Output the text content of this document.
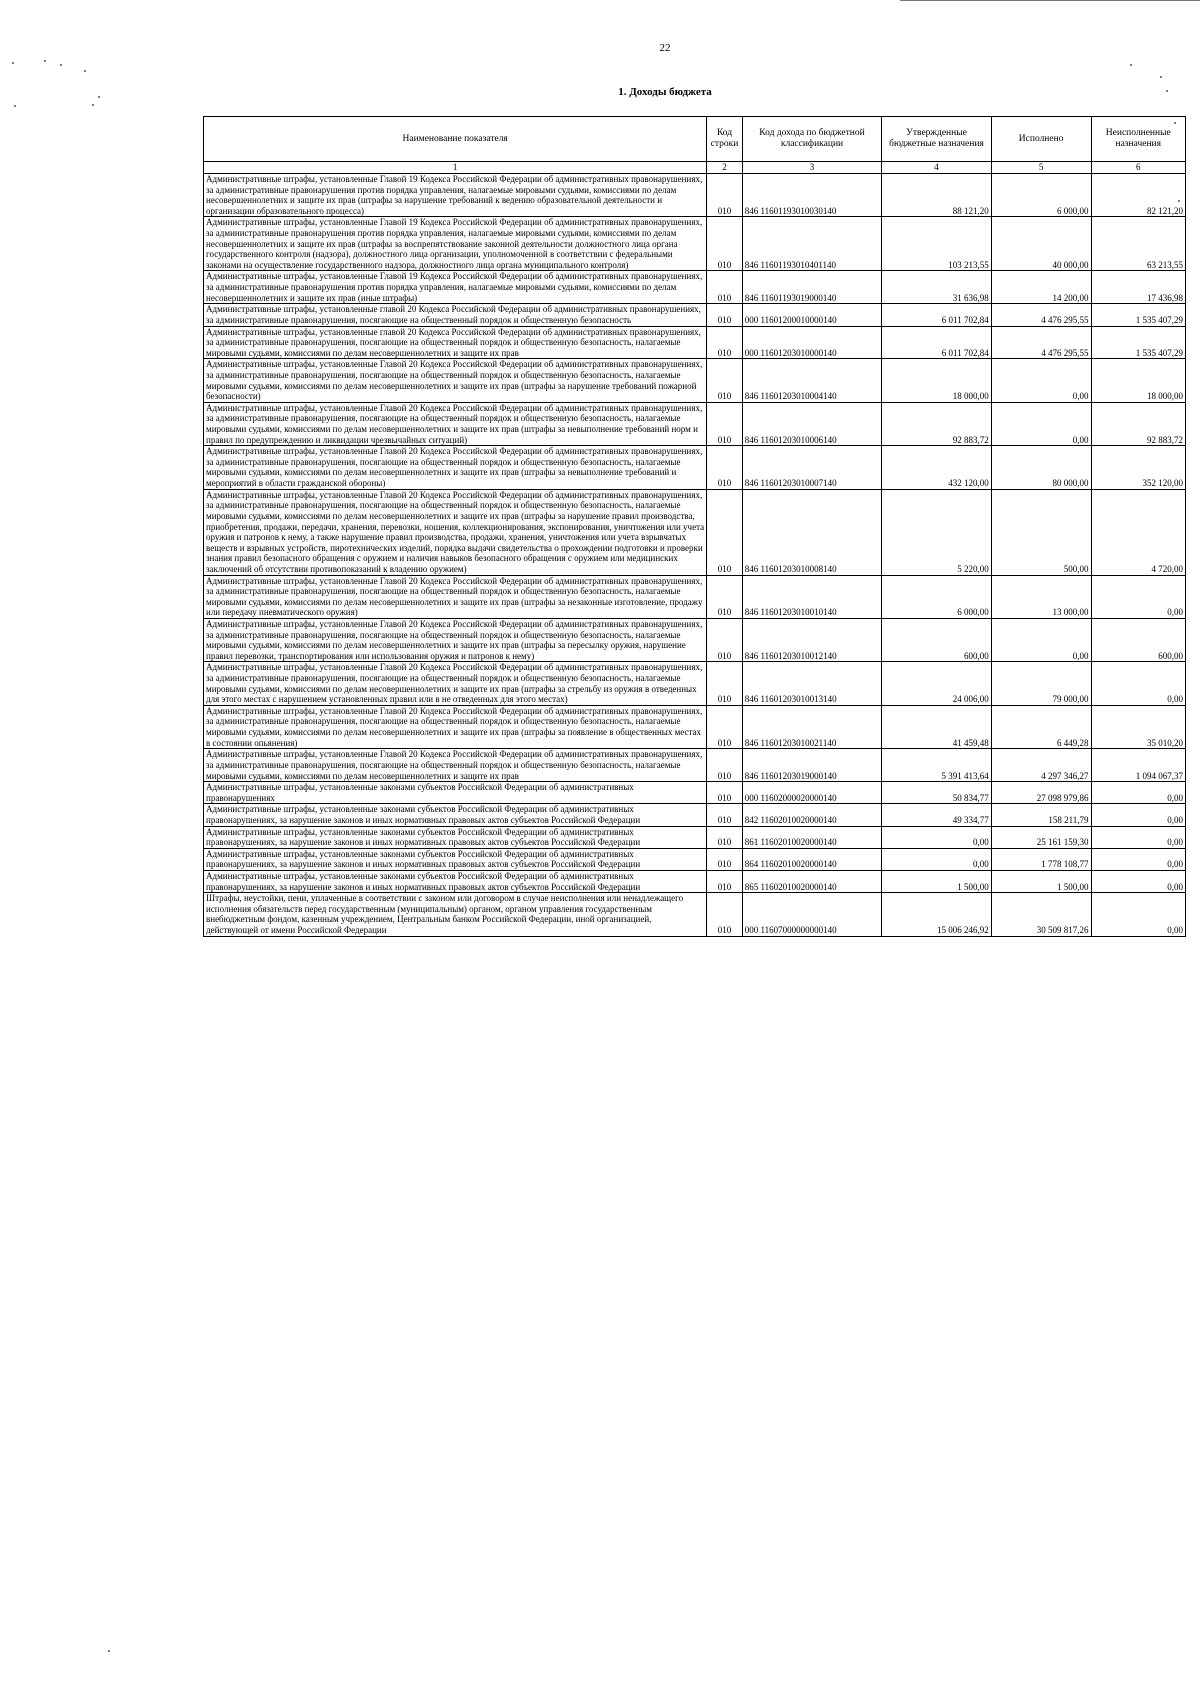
22
1. Доходы бюджета
Наименование показателя	Код строки	Код дохода по бюджетной классификации	Утвержденные бюджетные назначения	Исполнено	Неисполненные назначения
1	2	3	4	5	6
Административные штрафы, установленные Главой 19 Кодекса Российской Федерации об административных правонарушениях, за административные правонарушения против порядка управления, налагаемые мировыми судьями, комиссиями по делам несовершеннолетних и защите их прав (штрафы за нарушение требований к ведению образовательной деятельности и организации образовательного процесса)	010	846 11601193010030140	88 121,20	6 000,00	82 121,20
Административные штрафы, установленные Главой 19 Кодекса Российской Федерации об административных правонарушениях, за административные правонарушения против порядка управления, налагаемые мировыми судьями, комиссиями по делам несовершеннолетних и защите их прав (штрафы за воспрепятствование законной деятельности должностного лица органа государственного контроля (надзора), должностного лица организации, уполномоченной в соответствии с федеральными законами на осуществление государственного надзора, должностного лица органа муниципального контроля)	010	846 11601193010401140	103 213,55	40 000,00	63 213,55
Административные штрафы, установленные Главой 19 Кодекса Российской Федерации об административных правонарушениях, за административные правонарушения против порядка управления, налагаемые мировыми судьями, комиссиями по делам несовершеннолетних и защите их прав (иные штрафы)	010	846 11601193019000140	31 636,98	14 200,00	17 436,98
Административные штрафы, установленные главой 20 Кодекса Российской Федерации об административных правонарушениях, за административные правонарушения, посягающие на общественный порядок и общественную безопасность	010	000 11601200010000140	6 011 702,84	4 476 295,55	1 535 407,29
Административные штрафы, установленные главой 20 Кодекса Российской Федерации об административных правонарушениях, за административные правонарушения, посягающие на общественный порядок и общественную безопасность, налагаемые мировыми судьями, комиссиями по делам несовершеннолетних и защите их прав	010	000 11601203010000140	6 011 702,84	4 476 295,55	1 535 407,29
Административные штрафы, установленные Главой 20 Кодекса Российской Федерации об административных правонарушениях, за административные правонарушения, посягающие на общественный порядок и общественную безопасность, налагаемые мировыми судьями, комиссиями по делам несовершеннолетних и защите их прав (штрафы за нарушение требований пожарной безопасности)	010	846 11601203010004140	18 000,00	0,00	18 000,00
Административные штрафы, установленные Главой 20 Кодекса Российской Федерации об административных правонарушениях, за административные правонарушения, посягающие на общественный порядок и общественную безопасность, налагаемые мировыми судьями, комиссиями по делам несовершеннолетних и защите их прав (штрафы за невыполнение требований норм и правил по предупреждению и ликвидации чрезвычайных ситуаций)	010	846 11601203010006140	92 883,72	0,00	92 883,72
Административные штрафы, установленные Главой 20 Кодекса Российской Федерации об административных правонарушениях, за административные правонарушения, посягающие на общественный порядок и общественную безопасность, налагаемые мировыми судьями, комиссиями по делам несовершеннолетних и защите их прав (штрафы за невыполнение требований и мероприятий в области гражданской обороны)	010	846 11601203010007140	432 120,00	80 000,00	352 120,00
Административные штрафы, установленные Главой 20 Кодекса Российской Федерации об административных правонарушениях, за административные правонарушения, посягающие на общественный порядок и общественную безопасность, налагаемые мировыми судьями, комиссиями по делам несовершеннолетних и защите их прав (штрафы за нарушение правил производства, приобретения, продажи, передачи, хранения, перевозки, ношения, коллекционирования, экспонирования, уничтожения или учета оружия и патронов к нему, а также нарушение правил производства, продажи, хранения, уничтожения или учета взрывчатых веществ и взрывных устройств, пиротехнических изделий, порядка выдачи свидетельства о прохождении подготовки и проверки знания правил безопасного обращения с оружием и наличия навыков безопасного обращения с оружием или медицинских заключений об отсутствии противопоказаний к владению оружием)	010	846 11601203010008140	5 220,00	500,00	4 720,00
Административные штрафы, установленные Главой 20 Кодекса Российской Федерации об административных правонарушениях, за административные правонарушения, посягающие на общественный порядок и общественную безопасность, налагаемые мировыми судьями, комиссиями по делам несовершеннолетних и защите их прав (штрафы за незаконные изготовление, продажу или передачу пневматического оружия)	010	846 11601203010010140	6 000,00	13 000,00	0,00
Административные штрафы, установленные Главой 20 Кодекса Российской Федерации об административных правонарушениях, за административные правонарушения, посягающие на общественный порядок и общественную безопасность, налагаемые мировыми судьями, комиссиями по делам несовершеннолетних и защите их прав (штрафы за пересылку оружия, нарушение правил перевозки, транспортирования или использования оружия и патронов к нему)	010	846 11601203010012140	600,00	0,00	600,00
Административные штрафы, установленные Главой 20 Кодекса Российской Федерации об административных правонарушениях, за административные правонарушения, посягающие на общественный порядок и общественную безопасность, налагаемые мировыми судьями, комиссиями по делам несовершеннолетних и защите их прав (штрафы за стрельбу из оружия в отведенных для этого местах с нарушением установленных правил или в не отведенных для этого местах)	010	846 11601203010013140	24 006,00	79 000,00	0,00
Административные штрафы, установленные Главой 20 Кодекса Российской Федерации об административных правонарушениях, за административные правонарушения, посягающие на общественный порядок и общественную безопасность, налагаемые мировыми судьями, комиссиями по делам несовершеннолетних и защите их прав (штрафы за появление в общественных местах в состоянии опьянения)	010	846 11601203010021140	41 459,48	6 449,28	35 010,20
Административные штрафы, установленные Главой 20 Кодекса Российской Федерации об административных правонарушениях, за административные правонарушения, посягающие на общественный порядок и общественную безопасность, налагаемые мировыми судьями, комиссиями по делам несовершеннолетних и защите их прав	010	846 11601203019000140	5 391 413,64	4 297 346,27	1 094 067,37
Административные штрафы, установленные законами субъектов Российской Федерации об административных правонарушениях	010	000 11602000020000140	50 834,77	27 098 979,86	0,00
Административные штрафы, установленные законами субъектов Российской Федерации об административных правонарушениях, за нарушение законов и иных нормативных правовых актов субъектов Российской Федерации	010	842 11602010020000140	49 334,77	158 211,79	0,00
Административные штрафы, установленные законами субъектов Российской Федерации об административных правонарушениях, за нарушение законов и иных нормативных правовых актов субъектов Российской Федерации	010	861 11602010020000140	0,00	25 161 159,30	0,00
Административные штрафы, установленные законами субъектов Российской Федерации об административных правонарушениях, за нарушение законов и иных нормативных правовых актов субъектов Российской Федерации	010	864 11602010020000140	0,00	1 778 108,77	0,00
Административные штрафы, установленные законами субъектов Российской Федерации об административных правонарушениях, за нарушение законов и иных нормативных правовых актов субъектов Российской Федерации	010	865 11602010020000140	1 500,00	1 500,00	0,00
Штрафы, неустойки, пени, уплаченные в соответствии с законом или договором в случае неисполнения или ненадлежащего исполнения обязательств перед государственным (муниципальным) органом, органом управления государственным внебюджетным фондом, казенным учреждением, Центральным банком Российской Федерации, иной организацией, действующей от имени Российской Федерации	010	000 11607000000000140	15 006 246,92	30 509 817,26	0,00
